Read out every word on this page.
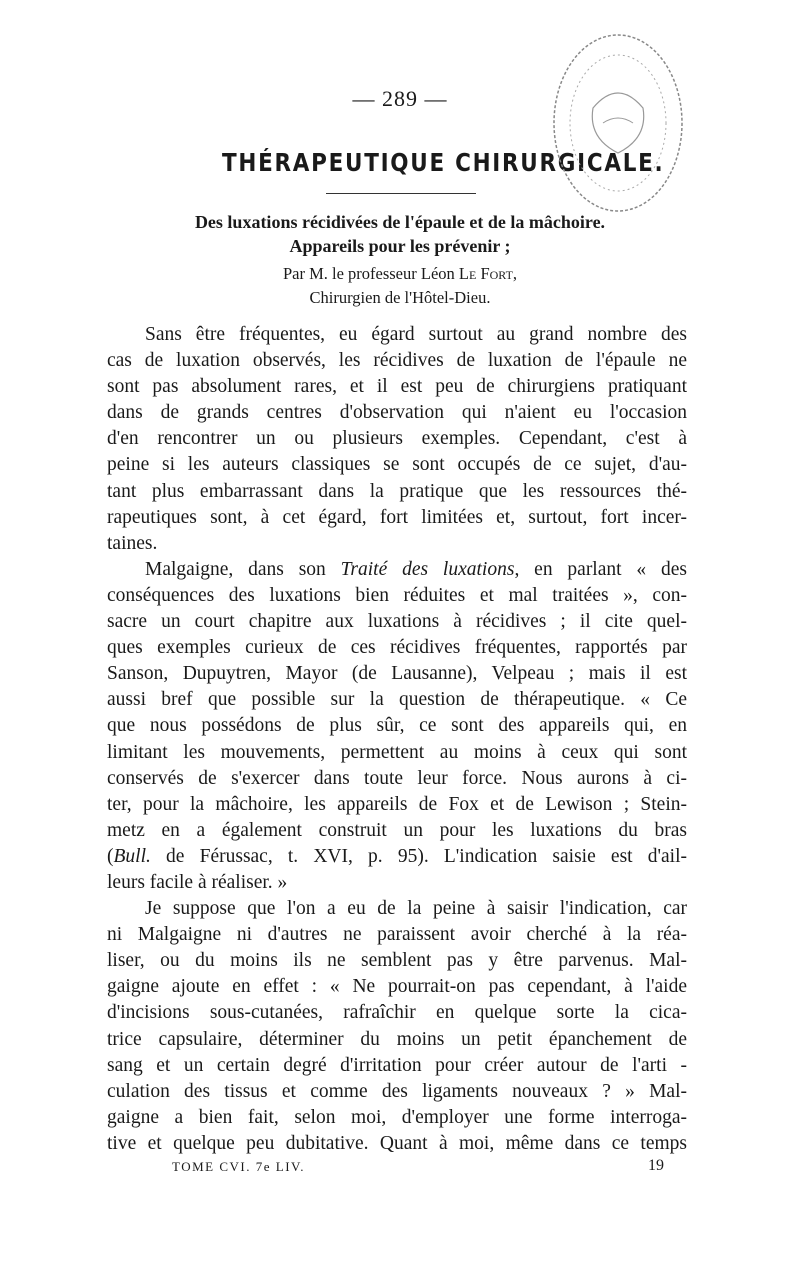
— 289 —
THÉRAPEUTIQUE CHIRURGICALE.
Des luxations récidivées de l'épaule et de la mâchoire.
Appareils pour les prévenir ;
Par M. le professeur Léon Le Fort,
Chirurgien de l'Hôtel-Dieu.
Sans être fréquentes, eu égard surtout au grand nombre des
cas de luxation observés, les récidives de luxation de l'épaule ne
sont pas absolument rares, et il est peu de chirurgiens pratiquant
dans de grands centres d'observation qui n'aient eu l'occasion
d'en rencontrer un ou plusieurs exemples. Cependant, c'est à
peine si les auteurs classiques se sont occupés de ce sujet, d'au-
tant plus embarrassant dans la pratique que les ressources thé-
rapeutiques sont, à cet égard, fort limitées et, surtout, fort incer-
taines.
Malgaigne, dans son Traité des luxations, en parlant « des
conséquences des luxations bien réduites et mal traitées », con-
sacre un court chapitre aux luxations à récidives ; il cite quel-
ques exemples curieux de ces récidives fréquentes, rapportés par
Sanson, Dupuytren, Mayor (de Lausanne), Velpeau ; mais il est
aussi bref que possible sur la question de thérapeutique. « Ce
que nous possédons de plus sûr, ce sont des appareils qui, en
limitant les mouvements, permettent au moins à ceux qui sont
conservés de s'exercer dans toute leur force. Nous aurons à ci-
ter, pour la mâchoire, les appareils de Fox et de Lewison ; Stein-
metz en a également construit un pour les luxations du bras
(Bull. de Férussac, t. XVI, p. 95). L'indication saisie est d'ail-
leurs facile à réaliser. »
Je suppose que l'on a eu de la peine à saisir l'indication, car
ni Malgaigne ni d'autres ne paraissent avoir cherché à la réa-
liser, ou du moins ils ne semblent pas y être parvenus. Mal-
gaigne ajoute en effet : « Ne pourrait-on pas cependant, à l'aide
d'incisions sous-cutanées, rafraîchir en quelque sorte la cica-
trice capsulaire, déterminer du moins un petit épanchement de
sang et un certain degré d'irritation pour créer autour de l'arti -
culation des tissus et comme des ligaments nouveaux ? » Mal-
gaigne a bien fait, selon moi, d'employer une forme interroga-
tive et quelque peu dubitative. Quant à moi, même dans ce temps
TOME CVI. 7e LIV.	19
